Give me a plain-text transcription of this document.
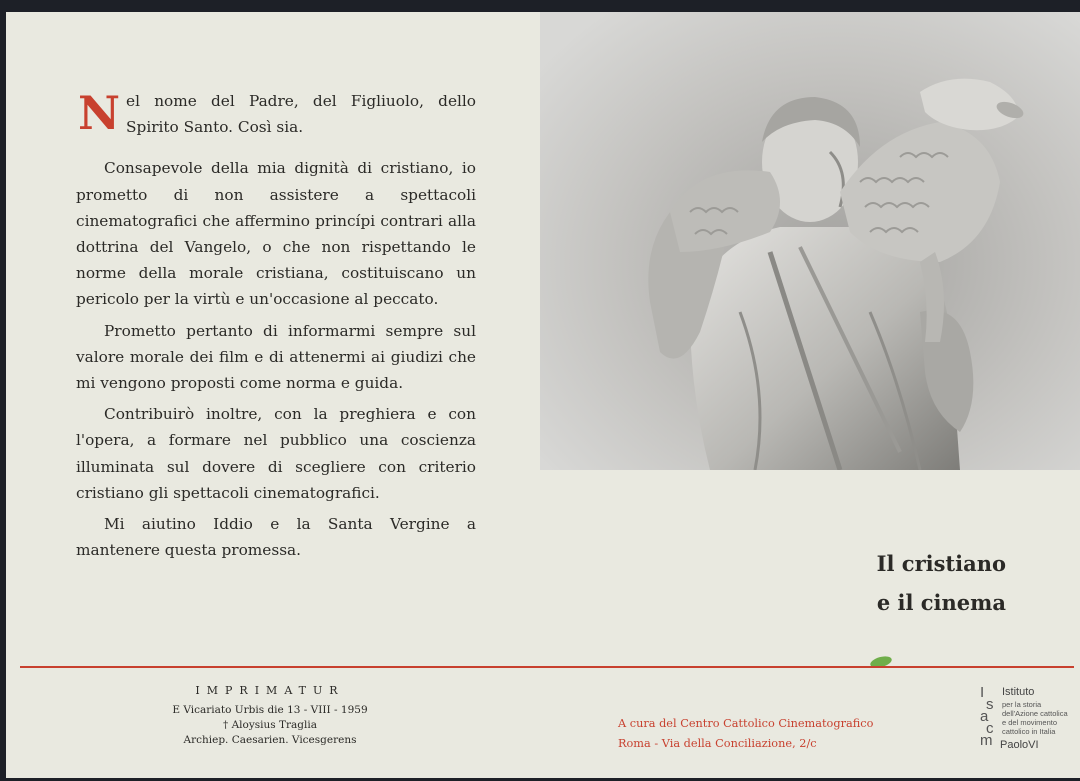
N el nome del Padre, del Figliuolo, dello Spirito Santo. Così sia.

Consapevole della mia dignità di cristiano, io prometto di non assistere a spettacoli cinematografici che affermino princípi contrari alla dottrina del Vangelo, o che non rispettando le norme della morale cristiana, costituiscano un pericolo per la virtù e un'occasione al peccato.

Prometto pertanto di informarmi sempre sul valore morale dei film e di attenermi ai giudizi che mi vengono proposti come norma e guida.

Contribuirò inoltre, con la preghiera e con l'opera, a formare nel pubblico una coscienza illuminata sul dovere di scegliere con criterio cristiano gli spettacoli cinematografici.

Mi aiutino Iddio e la Santa Vergine a mantenere questa promessa.

Il cristiano
e il cinema
IMPRIMATUR
E Vicariato Urbis die 13 - VIII - 1959
† Aloysius Traglia
Archiep. Caesarien. Vicesgerens
A cura del Centro Cattolico Cinematografico
Roma - Via della Conciliazione, 2/c
I
s
a
c
m
Istituto
per la storia
dell'Azione cattolica
e del movimento
cattolico in Italia
PaoloVI
